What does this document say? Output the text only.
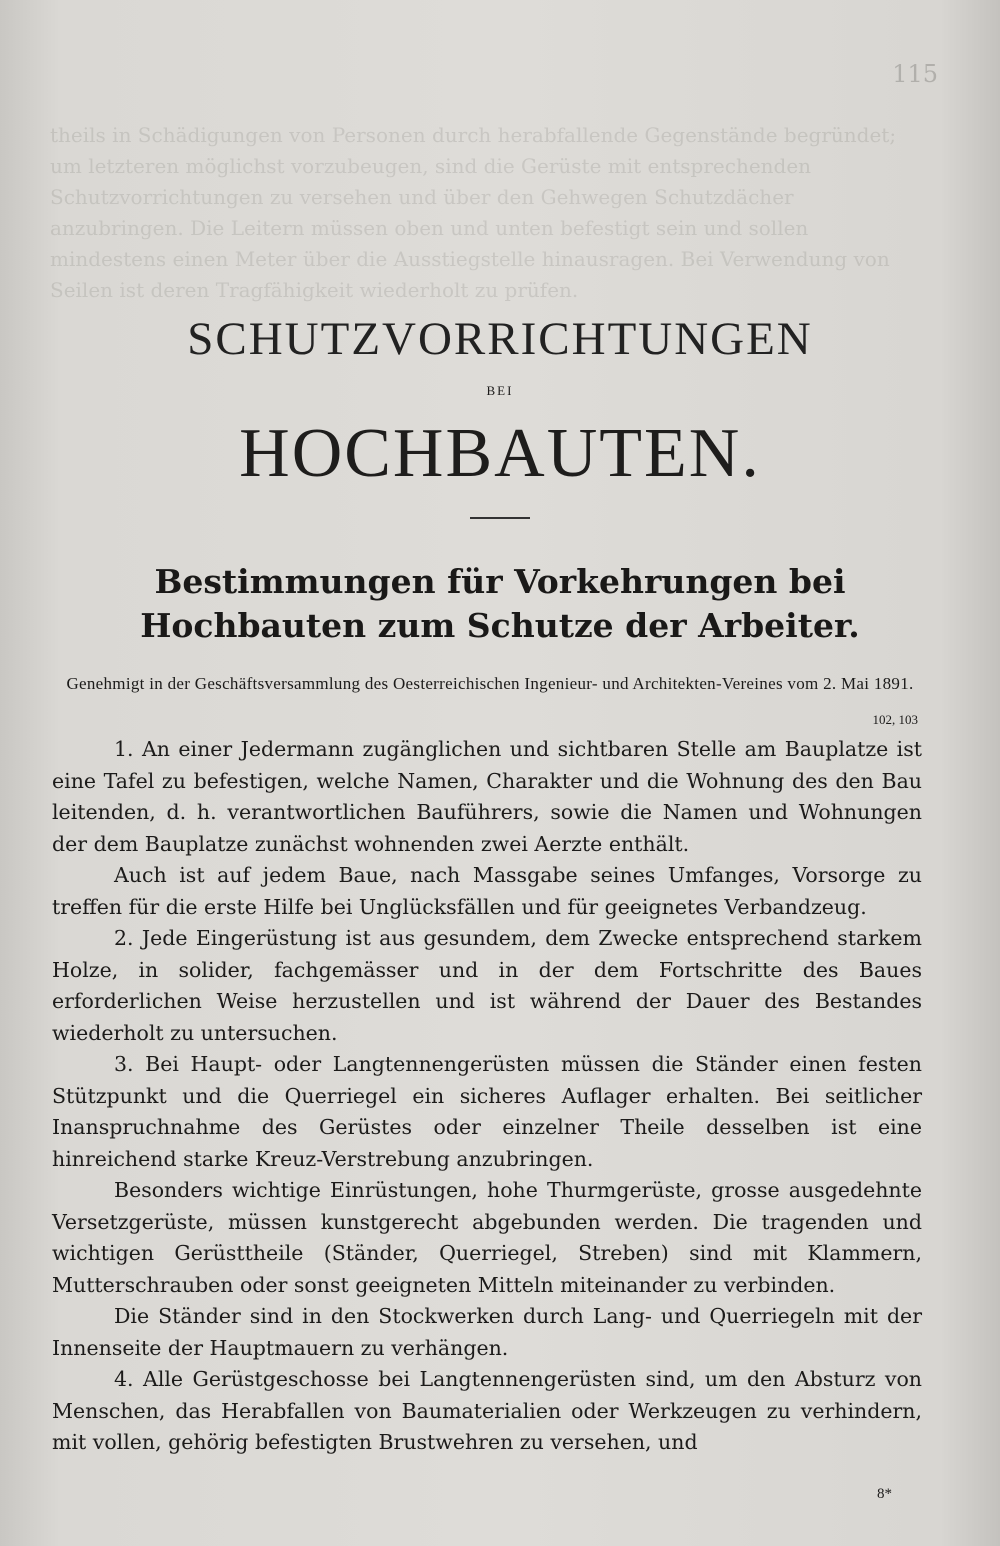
theils in Schädigungen von Personen durch herabfallende Gegenstände begründet; um letzteren möglichst vorzubeugen, sind die Gerüste mit entsprechenden Schutzvorrichtungen zu versehen und über den Gehwegen Schutzdächer anzubringen. Die Leitern müssen oben und unten befestigt sein und sollen mindestens einen Meter über die Ausstiegstelle hinausragen. Bei Verwendung von Seilen ist deren Tragfähigkeit wiederholt zu prüfen.
115
SCHUTZVORRICHTUNGEN
BEI
HOCHBAUTEN.
Bestimmungen für Vorkehrungen bei Hochbauten zum Schutze der Arbeiter.
Genehmigt in der Geschäftsversammlung des Oesterreichischen Ingenieur- und Architekten-Vereines vom 2. Mai 1891.
102, 103

1. An einer Jedermann zugänglichen und sichtbaren Stelle am Bauplatze ist eine Tafel zu befestigen, welche Namen, Charakter und die Wohnung des den Bau leitenden, d. h. verantwortlichen Bauführers, sowie die Namen und Wohnungen der dem Bauplatze zunächst wohnenden zwei Aerzte enthält.

Auch ist auf jedem Baue, nach Massgabe seines Umfanges, Vorsorge zu treffen für die erste Hilfe bei Unglücksfällen und für geeignetes Verbandzeug.

2. Jede Eingerüstung ist aus gesundem, dem Zwecke entsprechend starkem Holze, in solider, fachgemässer und in der dem Fortschritte des Baues erforderlichen Weise herzustellen und ist während der Dauer des Bestandes wiederholt zu untersuchen.

3. Bei Haupt- oder Langtennengerüsten müssen die Ständer einen festen Stützpunkt und die Querriegel ein sicheres Auflager erhalten. Bei seitlicher Inanspruchnahme des Gerüstes oder einzelner Theile desselben ist eine hinreichend starke Kreuz-Verstrebung anzubringen.

Besonders wichtige Einrüstungen, hohe Thurmgerüste, grosse ausgedehnte Versetzgerüste, müssen kunstgerecht abgebunden werden. Die tragenden und wichtigen Gerüsttheile (Ständer, Querriegel, Streben) sind mit Klammern, Mutterschrauben oder sonst geeigneten Mitteln miteinander zu verbinden.

Die Ständer sind in den Stockwerken durch Lang- und Querriegeln mit der Innenseite der Hauptmauern zu verhängen.

4. Alle Gerüstgeschosse bei Langtennengerüsten sind, um den Absturz von Menschen, das Herabfallen von Baumaterialien oder Werkzeugen zu verhindern, mit vollen, gehörig befestigten Brustwehren zu versehen, und

8*
